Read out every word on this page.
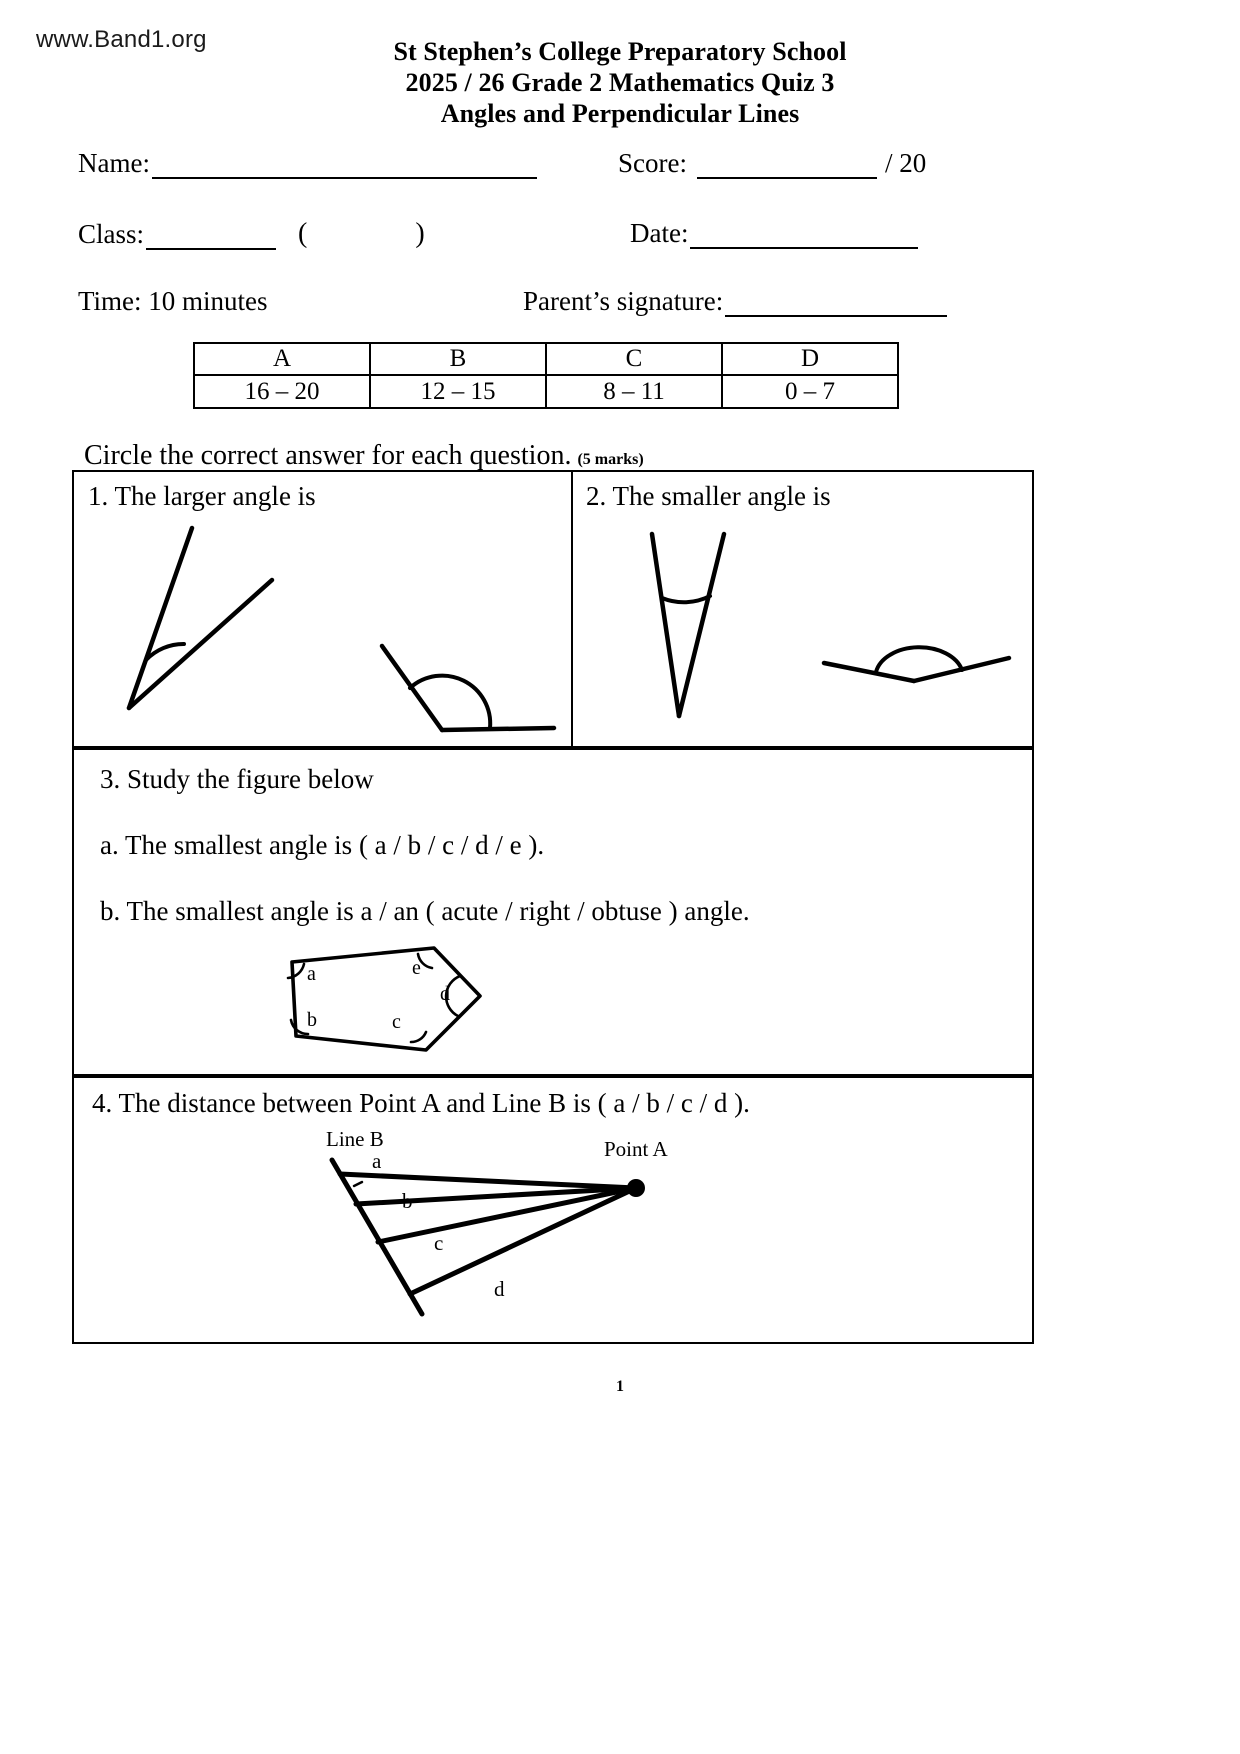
www.Band1.org	St Stephen’s College Preparatory School
2025 / 26 Grade 2 Mathematics Quiz 3
Angles and Perpendicular Lines
Name:	Score:	/ 20
Class:	(	)	Date:
Time: 10 minutes	Parent’s signature:
A	B	C	D
16 – 20	12 – 15	8 – 11	0 – 7
Circle the correct answer for each question. (5 marks)
1. The larger angle is	2. The smaller angle is
3. Study the figure below
a. The smallest angle is ( a / b / c / d / e ).
b. The smallest angle is a / an ( acute / right / obtuse ) angle.
a
b	c
d
e
4. The distance between Point A and Line B is ( a / b / c / d ).
Line B	Point A
a
b
c
d
1
